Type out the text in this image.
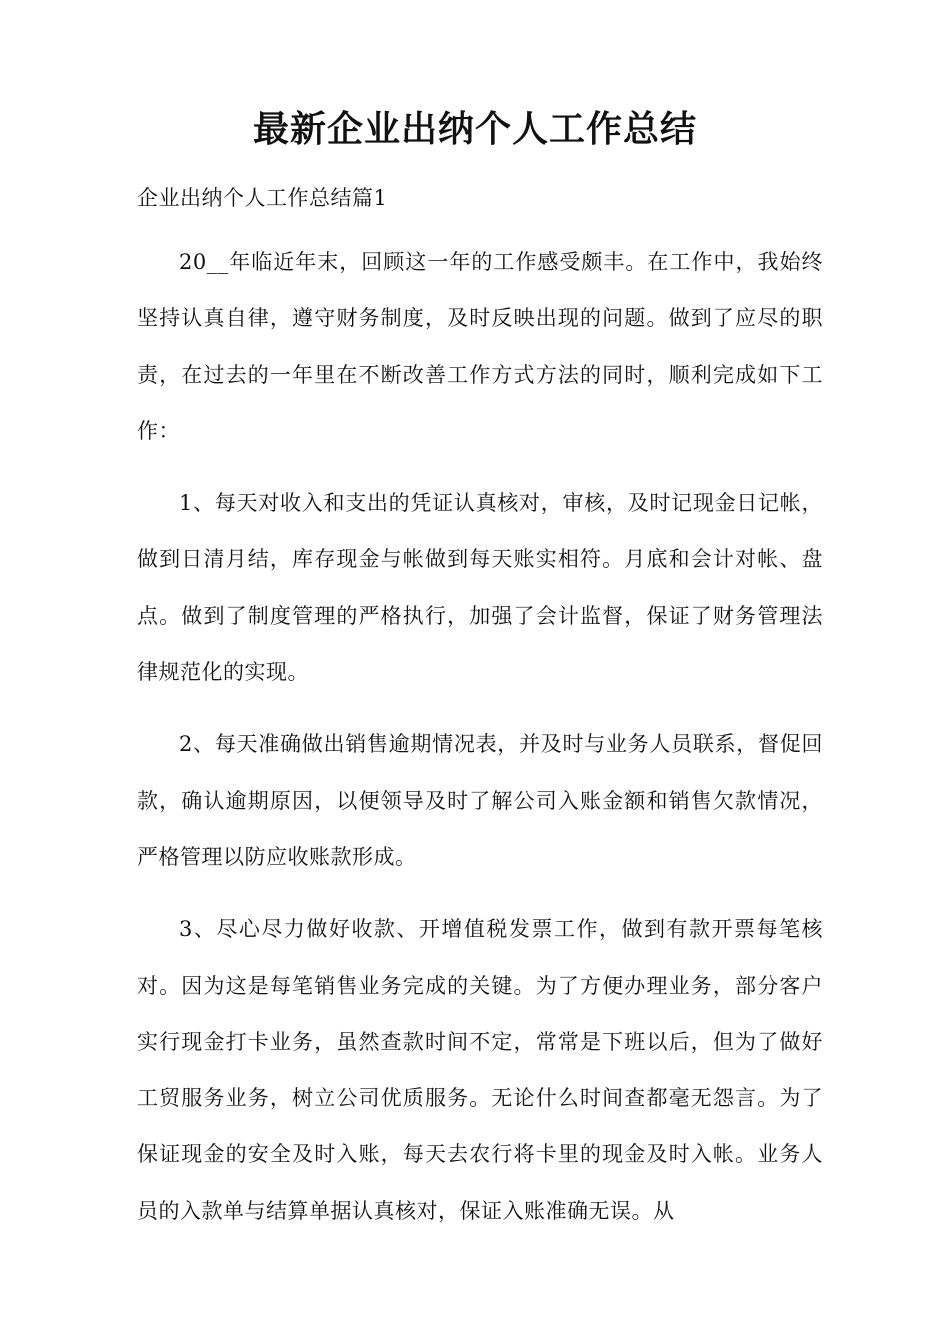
最新企业出纳个人工作总结

企业出纳个人工作总结篇1

20__年临近年末，回顾这一年的工作感受颇丰。在工作中，我始终坚持认真自律，遵守财务制度，及时反映出现的问题。做到了应尽的职责，在过去的一年里在不断改善工作方式方法的同时，顺利完成如下工作：

1、每天对收入和支出的凭证认真核对，审核，及时记现金日记帐，做到日清月结，库存现金与帐做到每天账实相符。月底和会计对帐、盘点。做到了制度管理的严格执行，加强了会计监督，保证了财务管理法律规范化的实现。

2、每天准确做出销售逾期情况表，并及时与业务人员联系，督促回款，确认逾期原因，以便领导及时了解公司入账金额和销售欠款情况，严格管理以防应收账款形成。

3、尽心尽力做好收款、开增值税发票工作，做到有款开票每笔核对。因为这是每笔销售业务完成的关键。为了方便办理业务，部分客户实行现金打卡业务，虽然查款时间不定，常常是下班以后，但为了做好工贸服务业务，树立公司优质服务。无论什么时间查都毫无怨言。为了保证现金的安全及时入账，每天去农行将卡里的现金及时入帐。业务人员的入款单与结算单据认真核对，保证入账准确无误。从
